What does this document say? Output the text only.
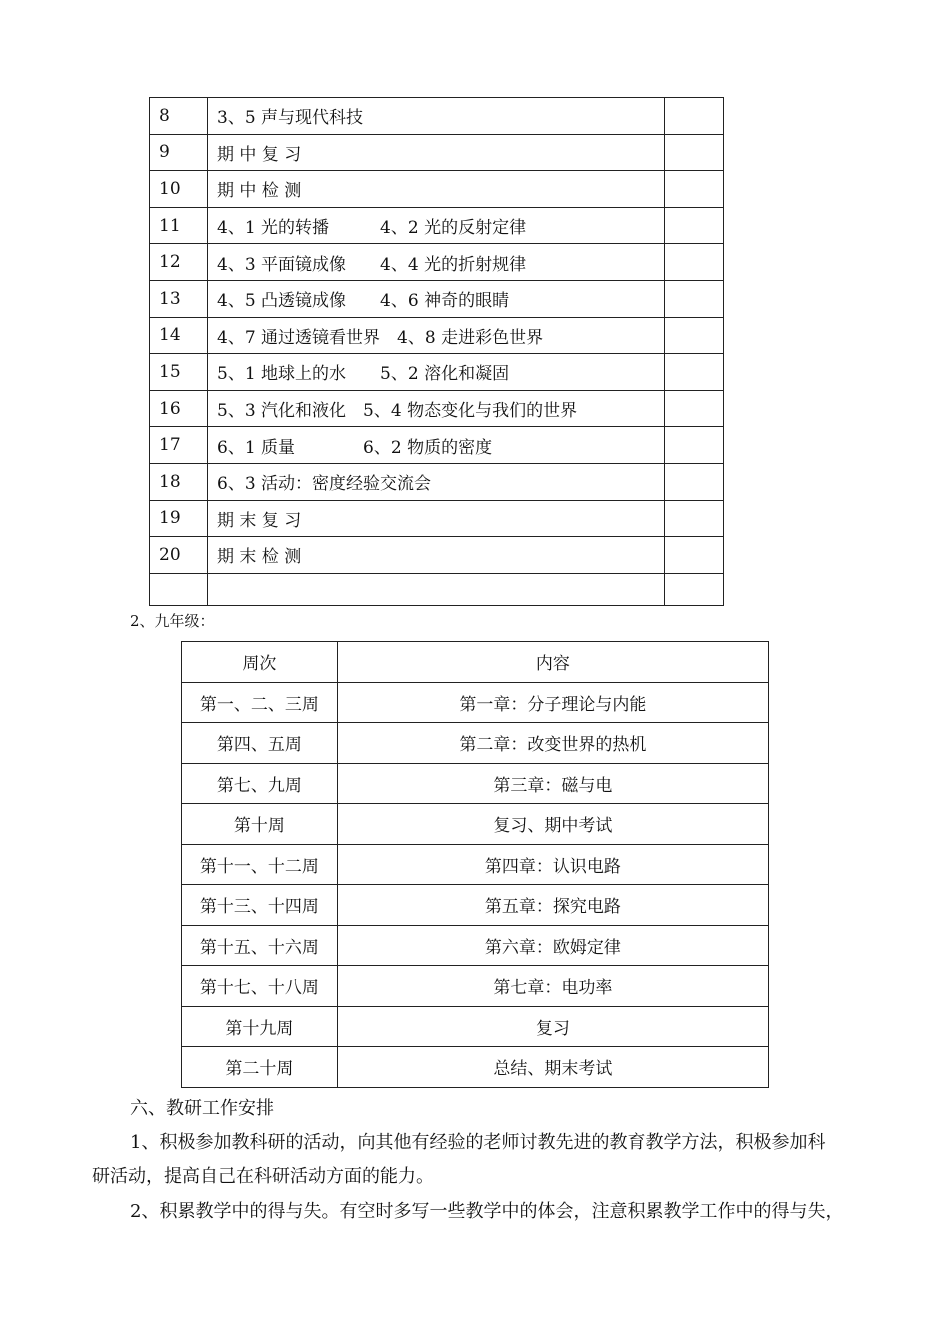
8	3、5 声与现代科技	
9	期 中 复 习	
10	期 中 检 测	
11	4、1 光的转播　　　4、2 光的反射定律	
12	4、3 平面镜成像　　4、4 光的折射规律	
13	4、5 凸透镜成像　　4、6 神奇的眼睛	
14	4、7 通过透镜看世界　4、8 走进彩色世界	
15	5、1 地球上的水　　5、2 溶化和凝固	
16	5、3 汽化和液化　5、4 物态变化与我们的世界	
17	6、1 质量　　　　6、2 物质的密度	
18	6、3 活动：密度经验交流会	
19	期 末 复 习	
20	期 末 检 测	

2、九年级：
周次	内容
第一、二、三周	第一章：分子理论与内能
第四、五周	第二章：改变世界的热机
第七、九周	第三章：磁与电
第十周	复习、期中考试
第十一、十二周	第四章：认识电路
第十三、十四周	第五章：探究电路
第十五、十六周	第六章：欧姆定律
第十七、十八周	第七章：电功率
第十九周	复习
第二十周	总结、期末考试
六、教研工作安排
1、积极参加教科研的活动，向其他有经验的老师讨教先进的教育教学方法，积极参加科
研活动，提高自己在科研活动方面的能力。
2、积累教学中的得与失。有空时多写一些教学中的体会，注意积累教学工作中的得与失，
